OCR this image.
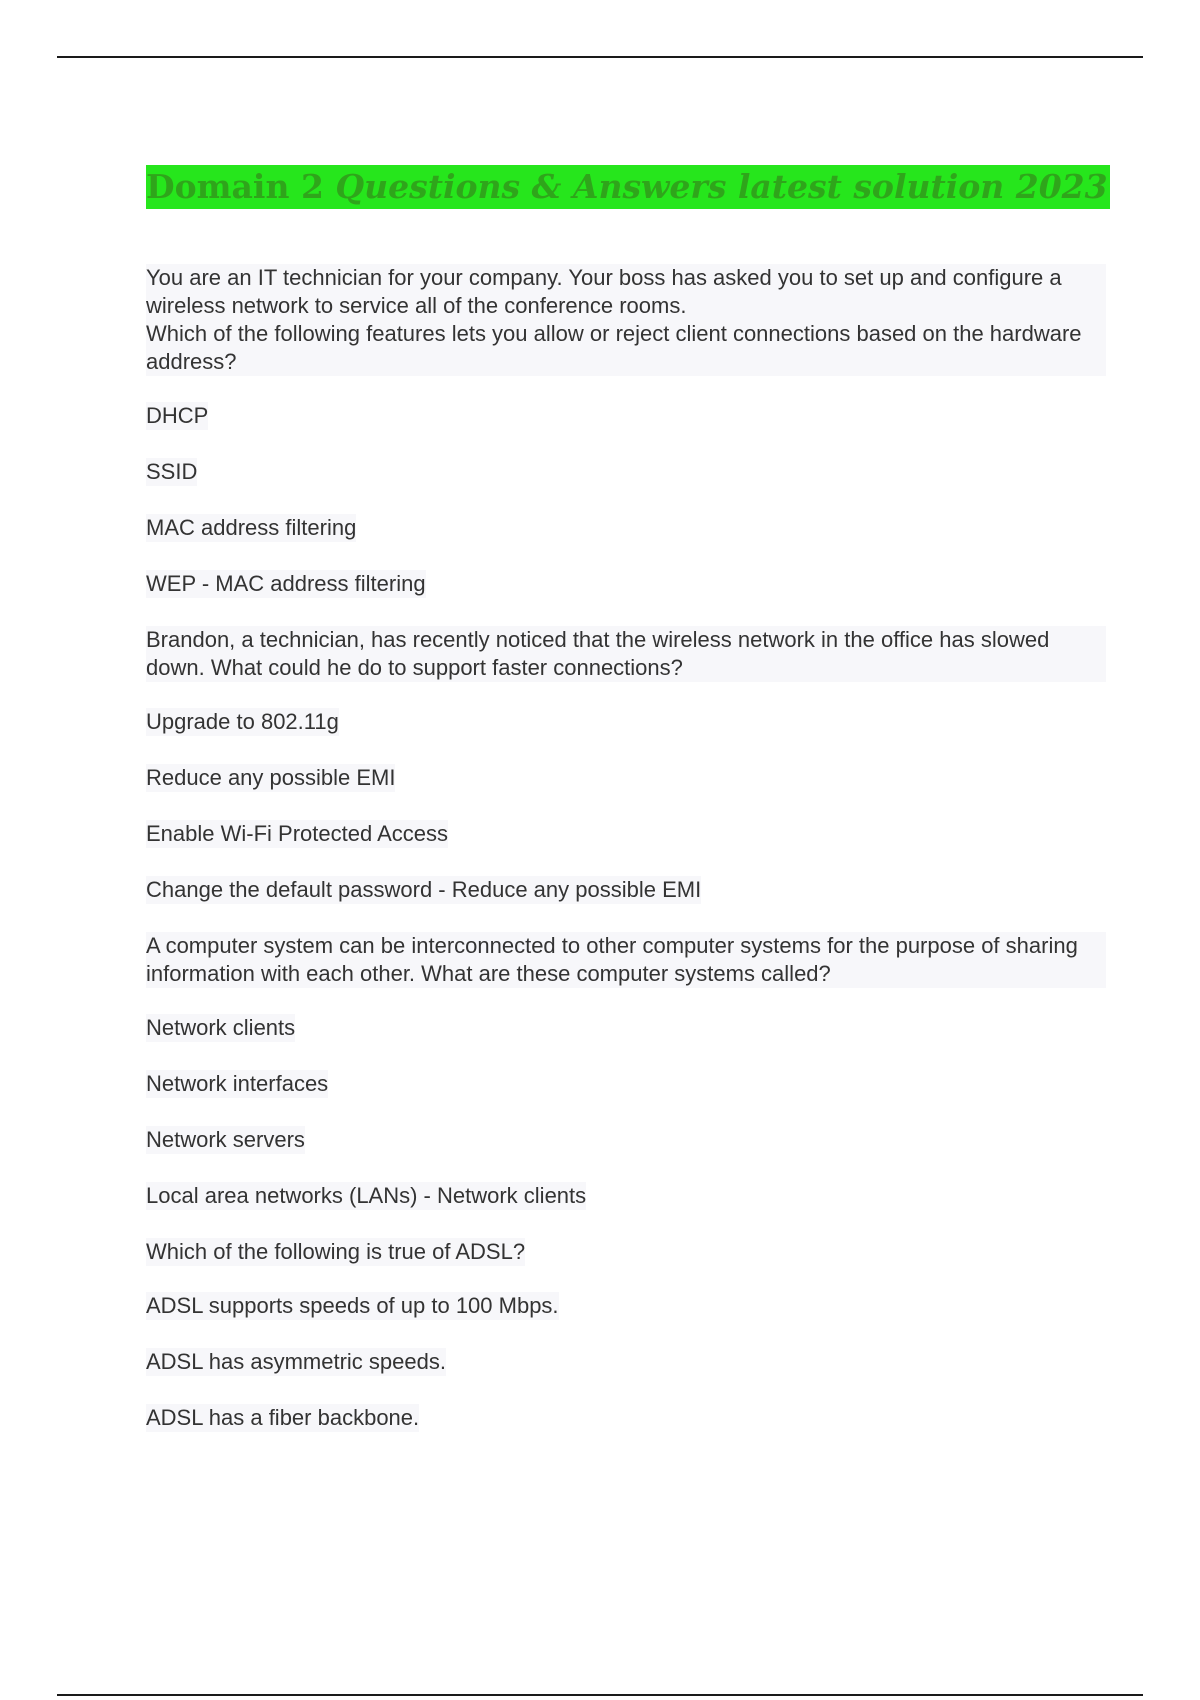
Domain 2 Questions & Answers latest solution 2023

You are an IT technician for your company. Your boss has asked you to set up and configure a wireless network to service all of the conference rooms.

Which of the following features lets you allow or reject client connections based on the hardware address?

DHCP
SSID
MAC address filtering
WEP - MAC address filtering

Brandon, a technician, has recently noticed that the wireless network in the office has slowed down. What could he do to support faster connections?

Upgrade to 802.11g
Reduce any possible EMI
Enable Wi-Fi Protected Access
Change the default password - Reduce any possible EMI

A computer system can be interconnected to other computer systems for the purpose of sharing information with each other. What are these computer systems called?

Network clients
Network interfaces
Network servers
Local area networks (LANs) - Network clients

Which of the following is true of ADSL?

ADSL supports speeds of up to 100 Mbps.
ADSL has asymmetric speeds.
ADSL has a fiber backbone.
